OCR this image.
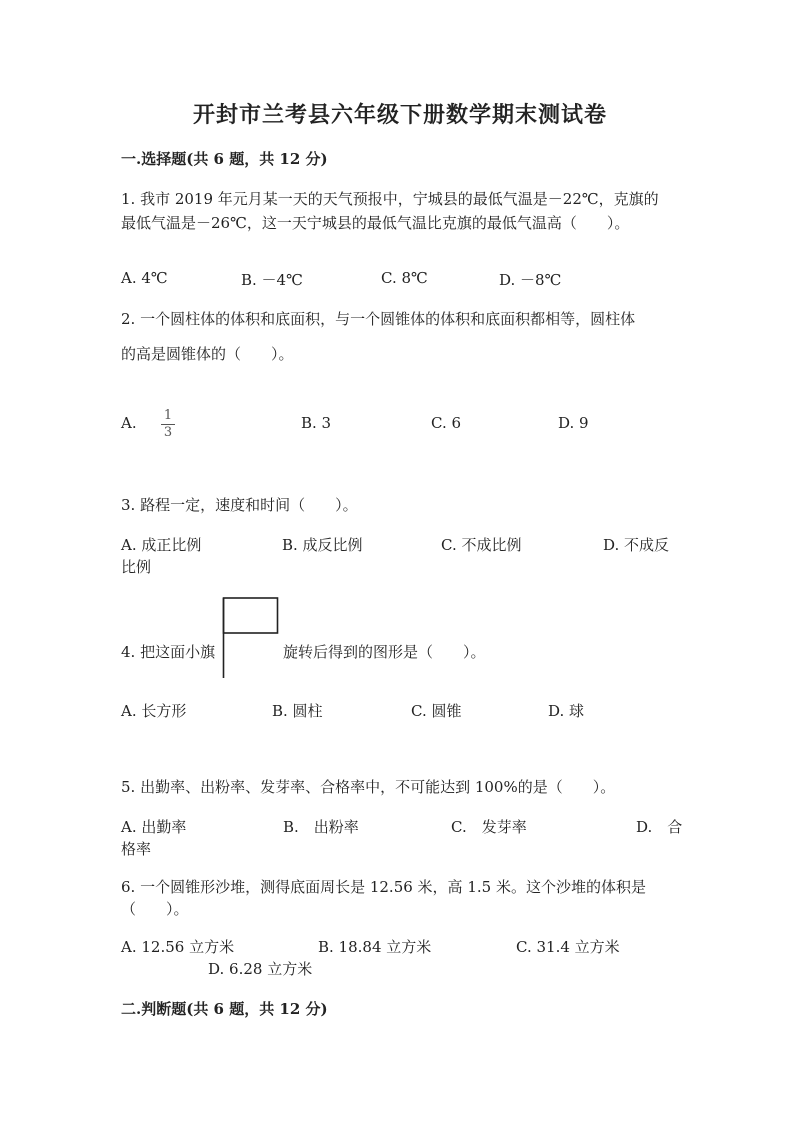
开封市兰考县六年级下册数学期末测试卷
一.选择题(共 6 题，共 12 分)
1. 我市 2019 年元月某一天的天气预报中，宁城县的最低气温是－22℃，克旗的
最低气温是－26℃，这一天宁城县的最低气温比克旗的最低气温高（　　）。
A. 4℃	B. －4℃	C. 8℃	D. －8℃
2. 一个圆柱体的体积和底面积，与一个圆锥体的体积和底面积都相等，圆柱体
的高是圆锥体的（　　）。
A. 1
3
B. 3	C. 6	D. 9
3. 路程一定，速度和时间（　　）。
A. 成正比例	B. 成反比例	C. 不成比例	D. 不成反
比例
4. 把这面小旗	旋转后得到的图形是（　　）。
A. 长方形	B. 圆柱	C. 圆锥	D. 球
5. 出勤率、出粉率、发芽率、合格率中，不可能达到 100%的是（　　）。
A. 出勤率	B.　出粉率	C.　发芽率	D.　合
格率
6. 一个圆锥形沙堆，测得底面周长是 12.56 米，高 1.5 米。这个沙堆的体积是
（　　）。
A. 12.56 立方米	B. 18.84 立方米	C. 31.4 立方米
D. 6.28 立方米
二.判断题(共 6 题，共 12 分)
